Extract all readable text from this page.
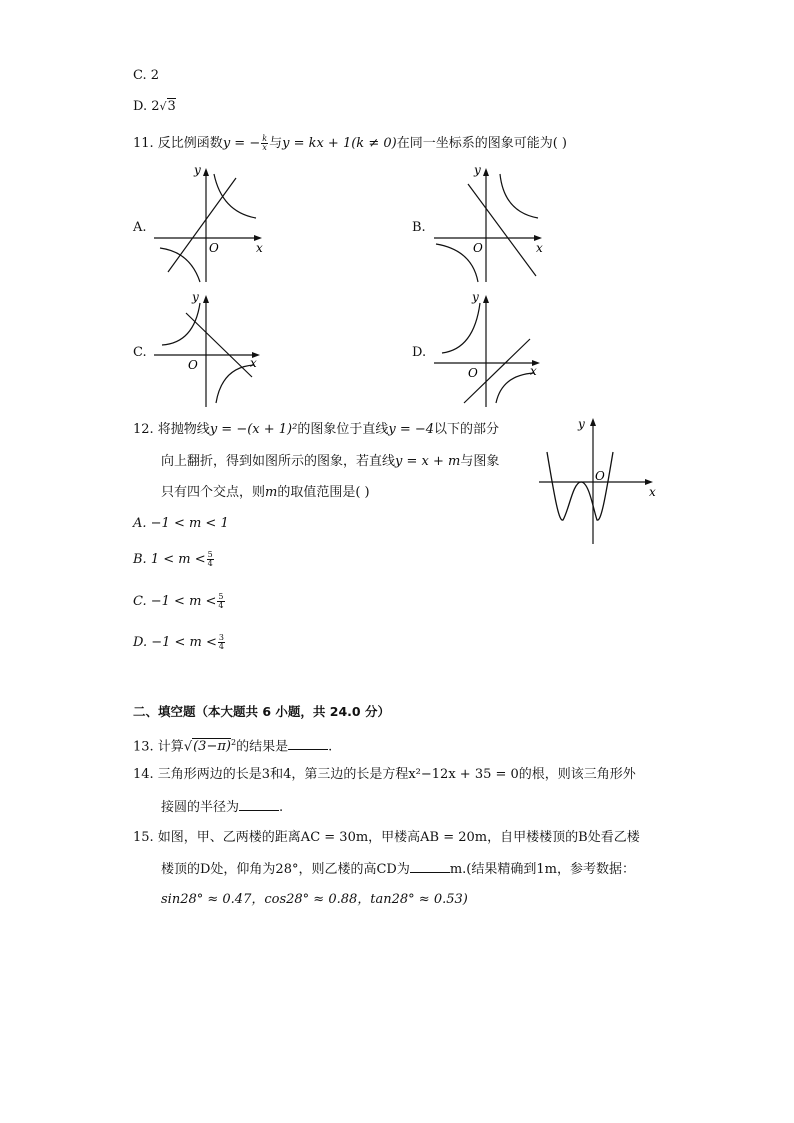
C. 2
D. 2√3
11. 反比例函数y = − $\frac{k}{x}$ 与y = kx + 1(k ≠ 0)在同一坐标系的图象可能为( )
A.	B.
C.	D.
y
x
O
y
x
O
y
x
O
y
x
O
12. 将抛物线y = −(x + 1)²的图象位于直线y = −4以下的部分
向上翻折，得到如图所示的图象，若直线y = x + m与图象
只有四个交点，则m的取值范围是( )
y
x
O
A. −1 < m < 1
B. $1 < m < \frac{5}{4}$
C. $-1 < m < \frac{5}{4}$
D. $-1 < m < \frac{3}{4}$
二、填空题（本大题共 6 小题，共 24.0 分）
13. 计算$√(3-\pi)^2$的结果是	.
14. 三角形两边的长是3和4，第三边的长是方程x²−12x + 35 = 0的根，则该三角形外
接圆的半径为	.
15. 如图，甲、乙两楼的距离AC = 30m，甲楼高AB = 20m，自甲楼楼顶的B处看乙楼
楼顶的D处，仰角为28°，则乙楼的高CD为	m.(结果精确到1m，参考数据：
sin28° ≈ 0.47，cos28° ≈ 0.88，tan28° ≈ 0.53)
